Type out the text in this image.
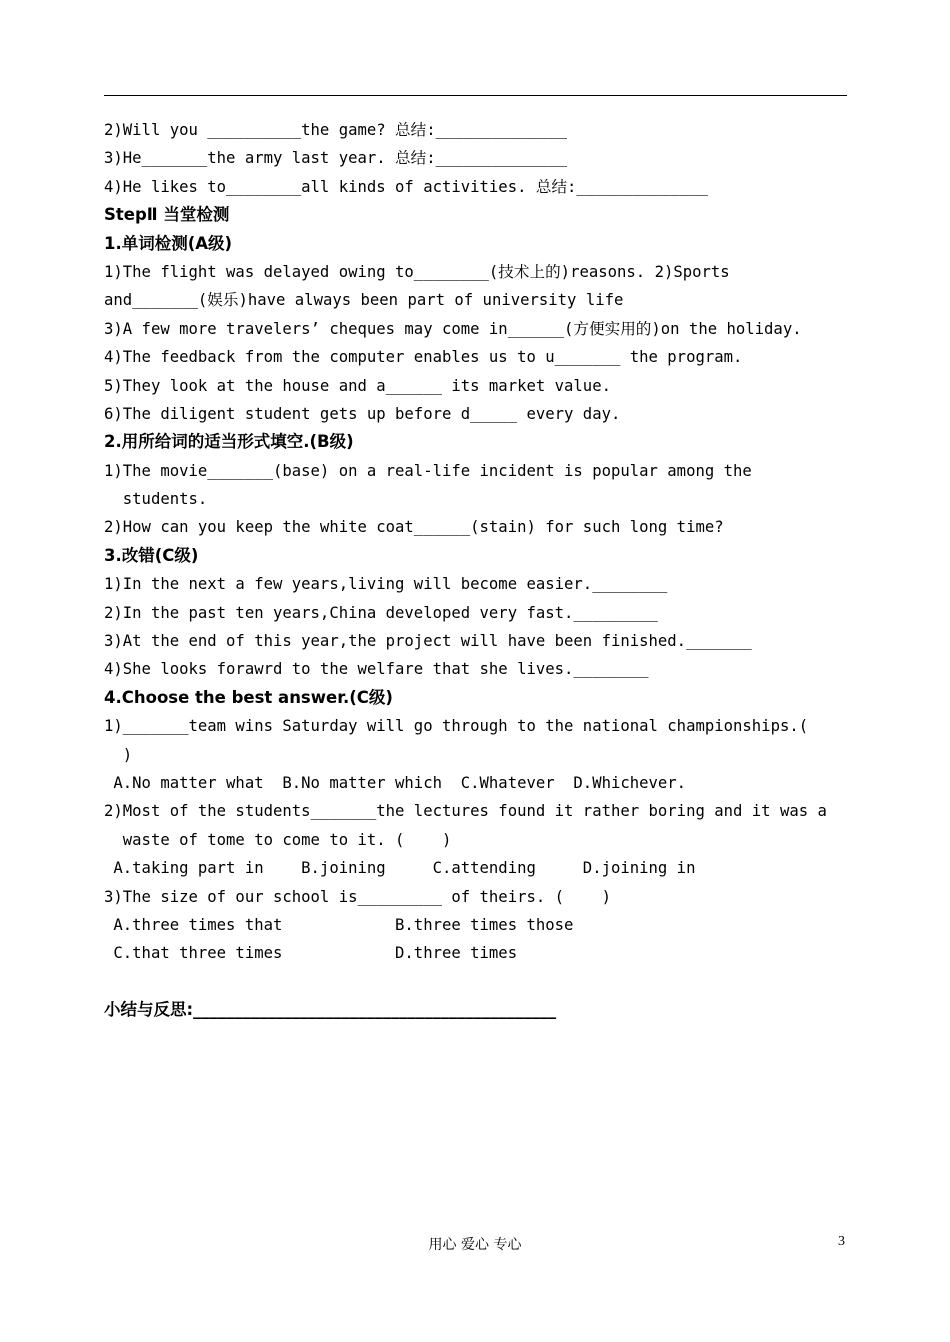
2)Will you __________the game? 总结:______________
3)He_______the army last year. 总结:______________
4)He likes to________all kinds of activities. 总结:______________
StepⅡ 当堂检测
1.单词检测(A级)
1)The flight was delayed owing to________(技术上的)reasons. 2)Sports
and_______(娱乐)have always been part of university life
3)A few more travelers’ cheques may come in______(方便实用的)on the holiday.
4)The feedback from the computer enables us to u_______ the program.
5)They look at the house and a______ its market value.
6)The diligent student gets up before d_____ every day.
2.用所给词的适当形式填空.(B级)
1)The movie_______(base) on a real-life incident is popular among the
students.
2)How can you keep the white coat______(stain) for such long time?
3.改错(C级)
1)In the next a few years,living will become easier.________
2)In the past ten years,China developed very fast._________
3)At the end of this year,the project will have been finished._______
4)She looks forawrd to the welfare that she lives.________
4.Choose the best answer.(C级)
1)_______team wins Saturday will go through to the national championships.(
)
A.No matter what  B.No matter which  C.Whatever  D.Whichever.
2)Most of the students_______the lectures found it rather boring and it was a
waste of tome to come to it. (    )
A.taking part in    B.joining     C.attending     D.joining in
3)The size of our school is_________ of theirs. (    )
A.three times that            B.three times those
C.that three times            D.three times
小结与反思:____________________________________________
用心 爱心 专心	3
